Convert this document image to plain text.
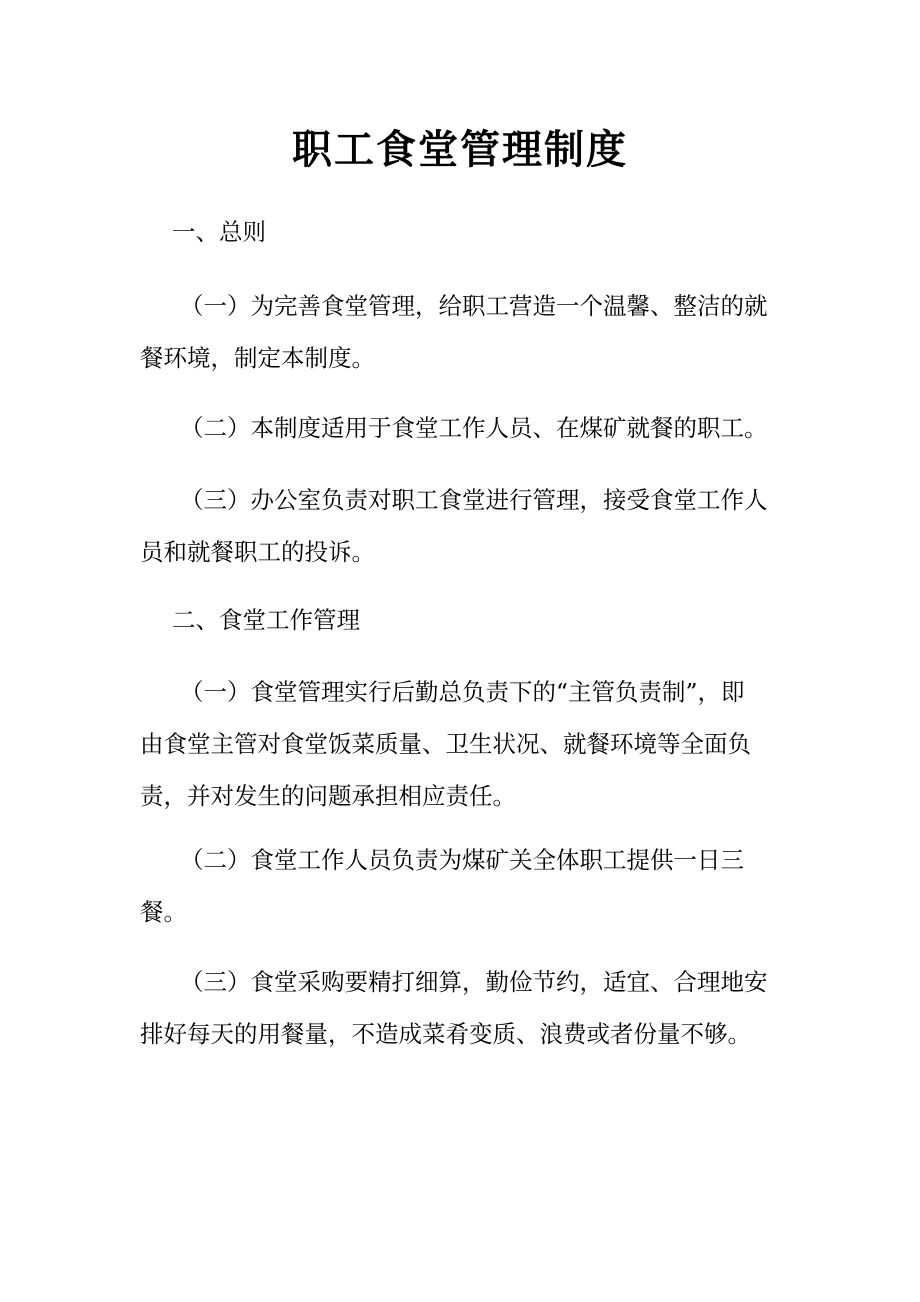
职工食堂管理制度
一、总则
（一）为完善食堂管理，给职工营造一个温馨、整洁的就
餐环境，制定本制度。
（二）本制度适用于食堂工作人员、在煤矿就餐的职工。
（三）办公室负责对职工食堂进行管理，接受食堂工作人
员和就餐职工的投诉。
二、食堂工作管理
（一）食堂管理实行后勤总负责下的“主管负责制”，即
由食堂主管对食堂饭菜质量、卫生状况、就餐环境等全面负
责，并对发生的问题承担相应责任。
（二）食堂工作人员负责为煤矿关全体职工提供一日三
餐。
（三）食堂采购要精打细算，勤俭节约，适宜、合理地安
排好每天的用餐量，不造成菜肴变质、浪费或者份量不够。
